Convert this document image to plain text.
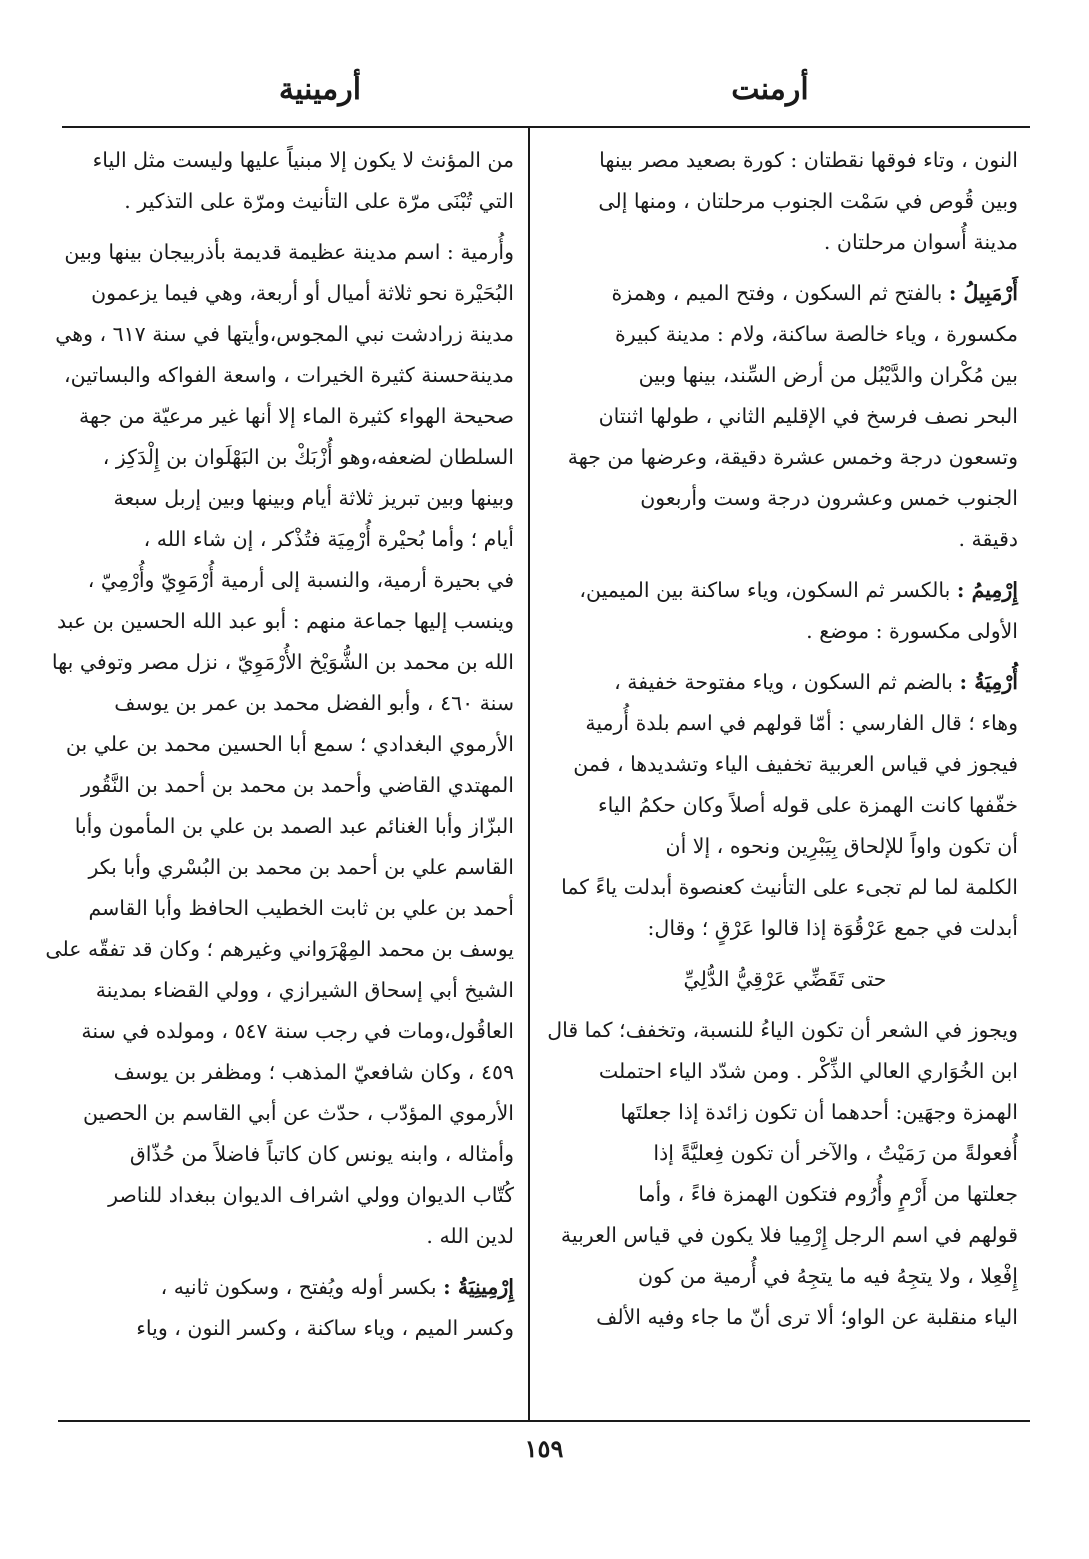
أرمنت
أرمينية
النون ، وتاء فوقها نقطتان : كورة بصعيد مصر بينها
وبين قُوص في سَمْت الجنوب مرحلتان ، ومنها إلى
مدينة أُسوان مرحلتان .
أَرْمَبِيلُ : بالفتح ثم السكون ، وفتح الميم ، وهمزة
مكسورة ، وياء خالصة ساكنة، ولام : مدينة كبيرة
بين مُكْران والدَّيْبُل من أرض السِّند، بينها وبين
البحر نصف فرسخ في الإقليم الثاني ، طولها اثنتان
وتسعون درجة وخمس عشرة دقيقة، وعرضها من جهة
الجنوب خمس وعشرون درجة وست وأربعون
دقيقة .
إِرْمِيمُ : بالكسر ثم السكون، وياء ساكنة بين الميمين،
الأولى مكسورة : موضع .
أُرْمِيَةُ : بالضم ثم السكون ، وياء مفتوحة خفيفة ،
وهاء ؛ قال الفارسي : أمّا قولهم في اسم بلدة أُرمية
فيجوز في قياس العربية تخفيف الياء وتشديدها ، فمن
خفّفها كانت الهمزة على قوله أصلاً وكان حكمُ الياء
أن تكون واواً للإلحاق بِيَبْرِين ونحوه ، إلا أن
الكلمة لما لم تجىء على التأنيث كعنصوة أبدلت ياءً كما
أبدلت في جمع عَرْقُوَة إذا قالوا عَرْقٍ ؛ وقال:
حتى تَقَضِّي عَرْقِيُّ الدُّلِيِّ
ويجوز في الشعر أن تكون الياءُ للنسبة، وتخفف؛ كما قال
ابن الخُوَاري العالي الذِّكْر . ومن شدّد الياء احتملت
الهمزة وجهَين: أحدهما أن تكون زائدة إذا جعلتَها
أُفعولةً من رَمَيْتُ ، والآخر أن تكون فِعليَّةً إذا
جعلتها من أَرْمٍ وأُرُوم فتكون الهمزة فاءً ، وأما
قولهم في اسم الرجل إِرْمِيا فلا يكون في قياس العربية
إِفْعِلا ، ولا يتجِهُ فيه ما يتجِهُ في أُرمية من كون
الياء منقلبة عن الواو؛ ألا ترى أنّ ما جاء وفيه الألف
من المؤنث لا يكون إلا مبنياً عليها وليست مثل الياء
التي تُبْنَى مرّة على التأنيث ومرّة على التذكير .
وأُرمية : اسم مدينة عظيمة قديمة بأذربيجان بينها وبين
البُحَيْرة نحو ثلاثة أميال أو أربعة، وهي فيما يزعمون
مدينة زرادشت نبي المجوس،وأيتها في سنة ٦١٧ ، وهي
مدينةحسنة كثيرة الخيرات ، واسعة الفواكه والبساتين،
صحيحة الهواء كثيرة الماء إلا أنها غير مرعيّة من جهة
السلطان لضعفه،وهو أُزْبَكْ بن البَهْلَوان بن إِلْدَكِز ،
وبينها وبين تبريز ثلاثة أيام وبينها وبين إربل سبعة
أيام ؛ وأما بُحيْرة أُرْمِيَة فتُذْكر ، إن شاء الله ،
في بحيرة أرمية، والنسبة إلى أرمية أُرْمَوِيّ وأُرْمِيّ ،
وينسب إليها جماعة منهم : أبو عبد الله الحسين بن عبد
الله بن محمد بن الشُّوَيْخ الأُرْمَوِيّ ، نزل مصر وتوفي بها
سنة ٤٦٠ ، وأبو الفضل محمد بن عمر بن يوسف
الأرموي البغدادي ؛ سمع أبا الحسين محمد بن علي بن
المهتدي القاضي وأحمد بن محمد بن أحمد بن النَّقُور
البزّاز وأبا الغنائم عبد الصمد بن علي بن المأمون وأبا
القاسم علي بن أحمد بن محمد بن البُسْري وأبا بكر
أحمد بن علي بن ثابت الخطيب الحافظ وأبا القاسم
يوسف بن محمد المِهْرَواني وغيرهم ؛ وكان قد تفقّه على
الشيخ أبي إسحاق الشيرازي ، وولي القضاء بمدينة
العاقُول،ومات في رجب سنة ٥٤٧ ، ومولده في سنة
٤٥٩ ، وكان شافعيّ المذهب ؛ ومظفر بن يوسف
الأرموي المؤدّب ، حدّث عن أبي القاسم بن الحصين
وأمثاله ، وابنه يونس كان كاتباً فاضلاً من حُذّاق
كُتّاب الديوان وولي اشراف الديوان ببغداد للناصر
لدين الله .
إِرْمِينِيَةُ : بكسر أوله ويُفتح ، وسكون ثانيه ،
وكسر الميم ، وياء ساكنة ، وكسر النون ، وياء
١٥٩
